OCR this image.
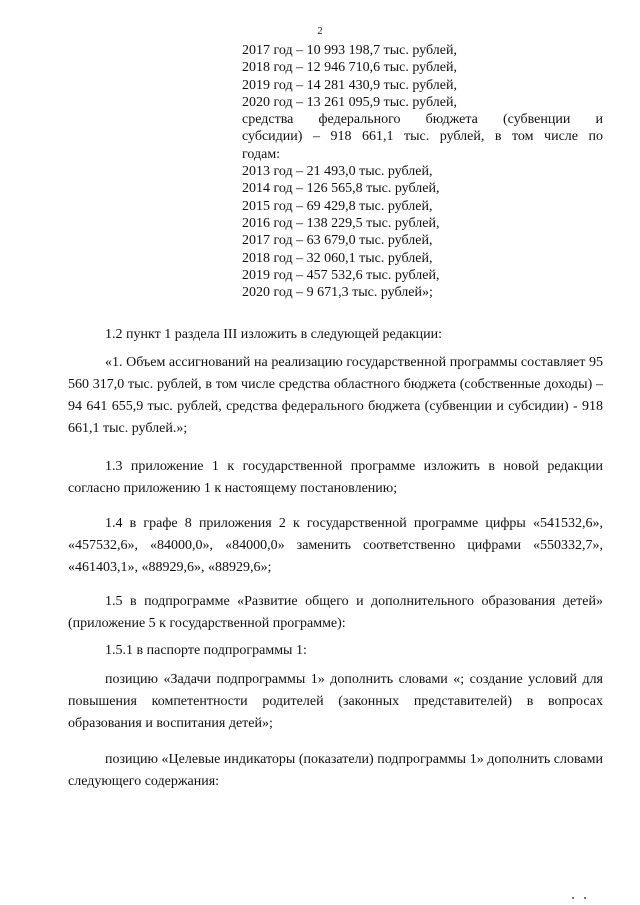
2
2017 год – 10 993 198,7 тыс. рублей,
2018 год – 12 946 710,6 тыс. рублей,
2019 год – 14 281 430,9 тыс. рублей,
2020 год – 13 261 095,9 тыс. рублей,
средства федерального бюджета (субвенции и
субсидии) – 918 661,1 тыс. рублей, в том числе по
годам:
2013 год – 21 493,0 тыс. рублей,
2014 год – 126 565,8 тыс. рублей,
2015 год – 69 429,8 тыс. рублей,
2016 год – 138 229,5 тыс. рублей,
2017 год – 63 679,0 тыс. рублей,
2018 год – 32 060,1 тыс. рублей,
2019 год – 457 532,6 тыс. рублей,
2020 год – 9 671,3 тыс. рублей»;

1.2 пункт 1 раздела III изложить в следующей редакции:

«1. Объем ассигнований на реализацию государственной программы составляет 95 560 317,0 тыс. рублей, в том числе средства областного бюджета (собственные доходы) – 94 641 655,9 тыс. рублей, средства федерального бюджета (субвенции и субсидии) - 918 661,1 тыс. рублей.»;

1.3 приложение 1 к государственной программе изложить в новой редакции согласно приложению 1 к настоящему постановлению;

1.4 в графе 8 приложения 2 к государственной программе цифры «541532,6», «457532,6», «84000,0», «84000,0» заменить соответственно цифрами «550332,7», «461403,1», «88929,6», «88929,6»;

1.5 в подпрограмме «Развитие общего и дополнительного образования детей» (приложение 5 к государственной программе):

1.5.1 в паспорте подпрограммы 1:

позицию «Задачи подпрограммы 1» дополнить словами «; создание условий для повышения компетентности родителей (законных представителей) в вопросах образования и воспитания детей»;

позицию «Целевые индикаторы (показатели) подпрограммы 1» дополнить словами следующего содержания:
